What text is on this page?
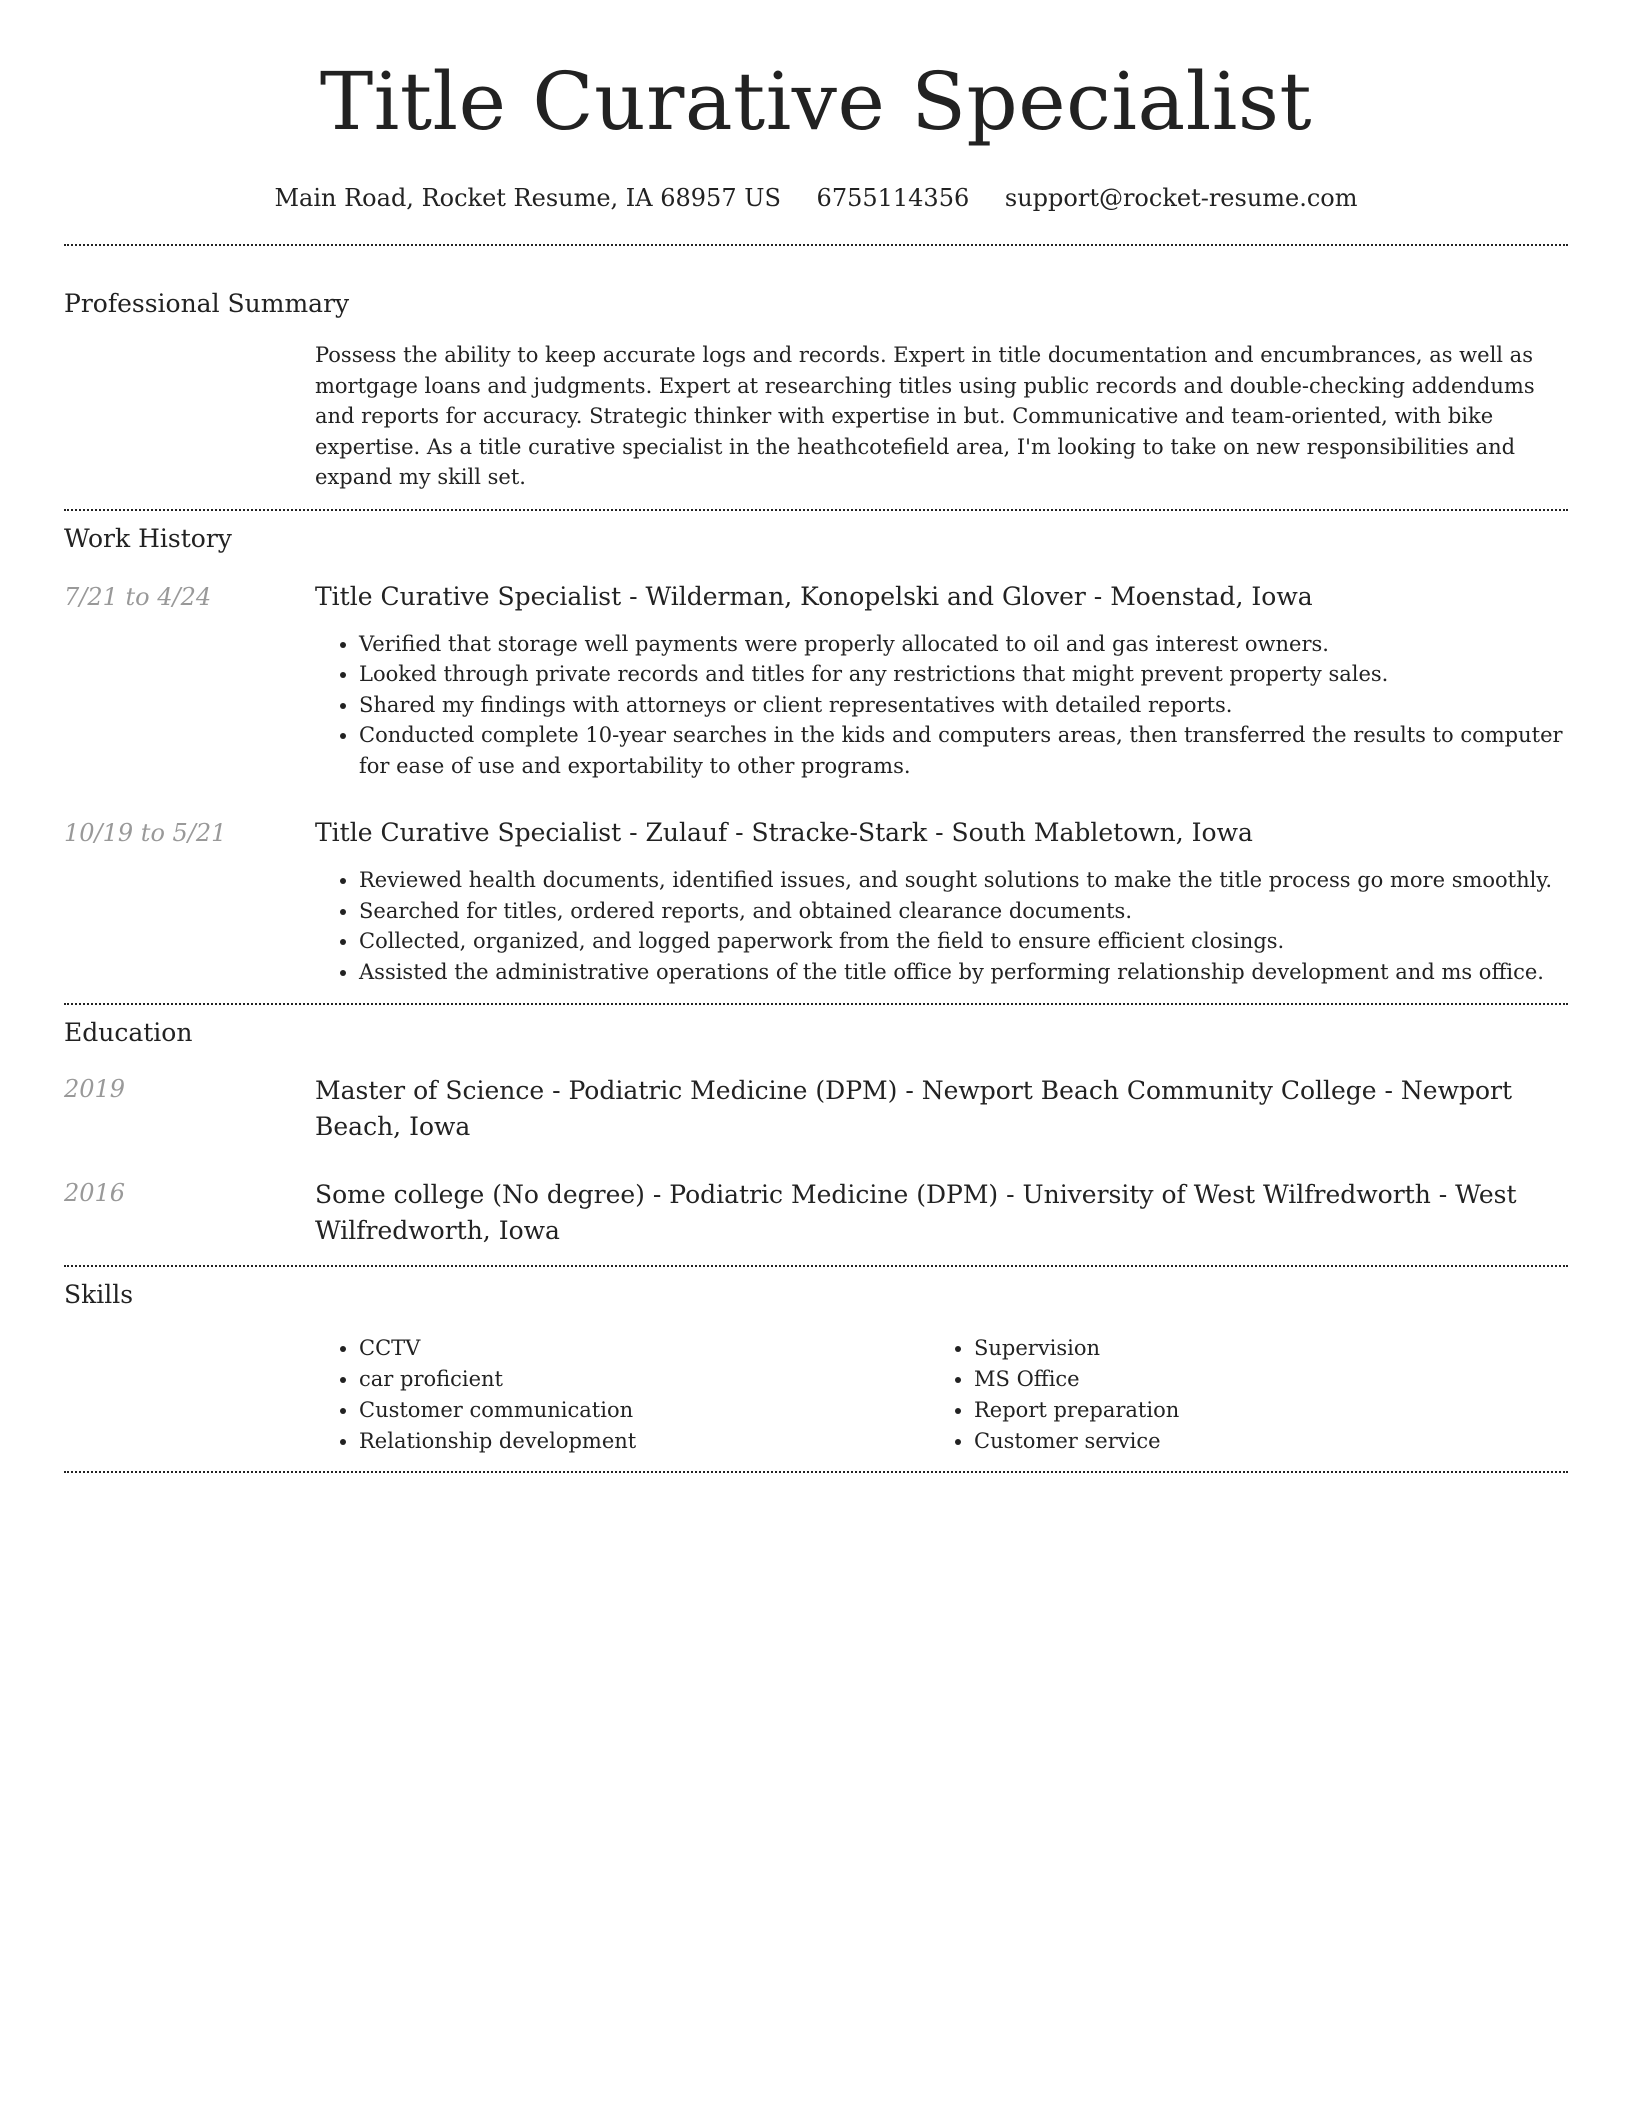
Title Curative Specialist
Main Road, Rocket Resume, IA 68957 US 6755114356 support@rocket-resume.com
Professional Summary

Possess the ability to keep accurate logs and records. Expert in title documentation and encumbrances, as well as mortgage loans and judgments. Expert at researching titles using public records and double-checking addendums and reports for accuracy. Strategic thinker with expertise in but. Communicative and team-oriented, with bike expertise. As a title curative specialist in the heathcotefield area, I'm looking to take on new responsibilities and expand my skill set.

Work History
7/21 to 4/24	Title Curative Specialist - Wilderman, Konopelski and Glover - Moenstad, Iowa

• Verified that storage well payments were properly allocated to oil and gas interest owners.
• Looked through private records and titles for any restrictions that might prevent property sales.
• Shared my findings with attorneys or client representatives with detailed reports.
• Conducted complete 10-year searches in the kids and computers areas, then transferred the results to computer for ease of use and exportability to other programs.
10/19 to 5/21	Title Curative Specialist - Zulauf - Stracke-Stark - South Mabletown, Iowa

• Reviewed health documents, identified issues, and sought solutions to make the title process go more smoothly.
• Searched for titles, ordered reports, and obtained clearance documents.
• Collected, organized, and logged paperwork from the field to ensure efficient closings.
• Assisted the administrative operations of the title office by performing relationship development and ms office.
Education
2019	Master of Science - Podiatric Medicine (DPM) - Newport Beach Community College - Newport Beach, Iowa

2016	Some college (No degree) - Podiatric Medicine (DPM) - University of West Wilfredworth - West Wilfredworth, Iowa

Skills
• CCTV
• car proficient
• Customer communication
• Relationship development
• Supervision
• MS Office
• Report preparation
• Customer service
